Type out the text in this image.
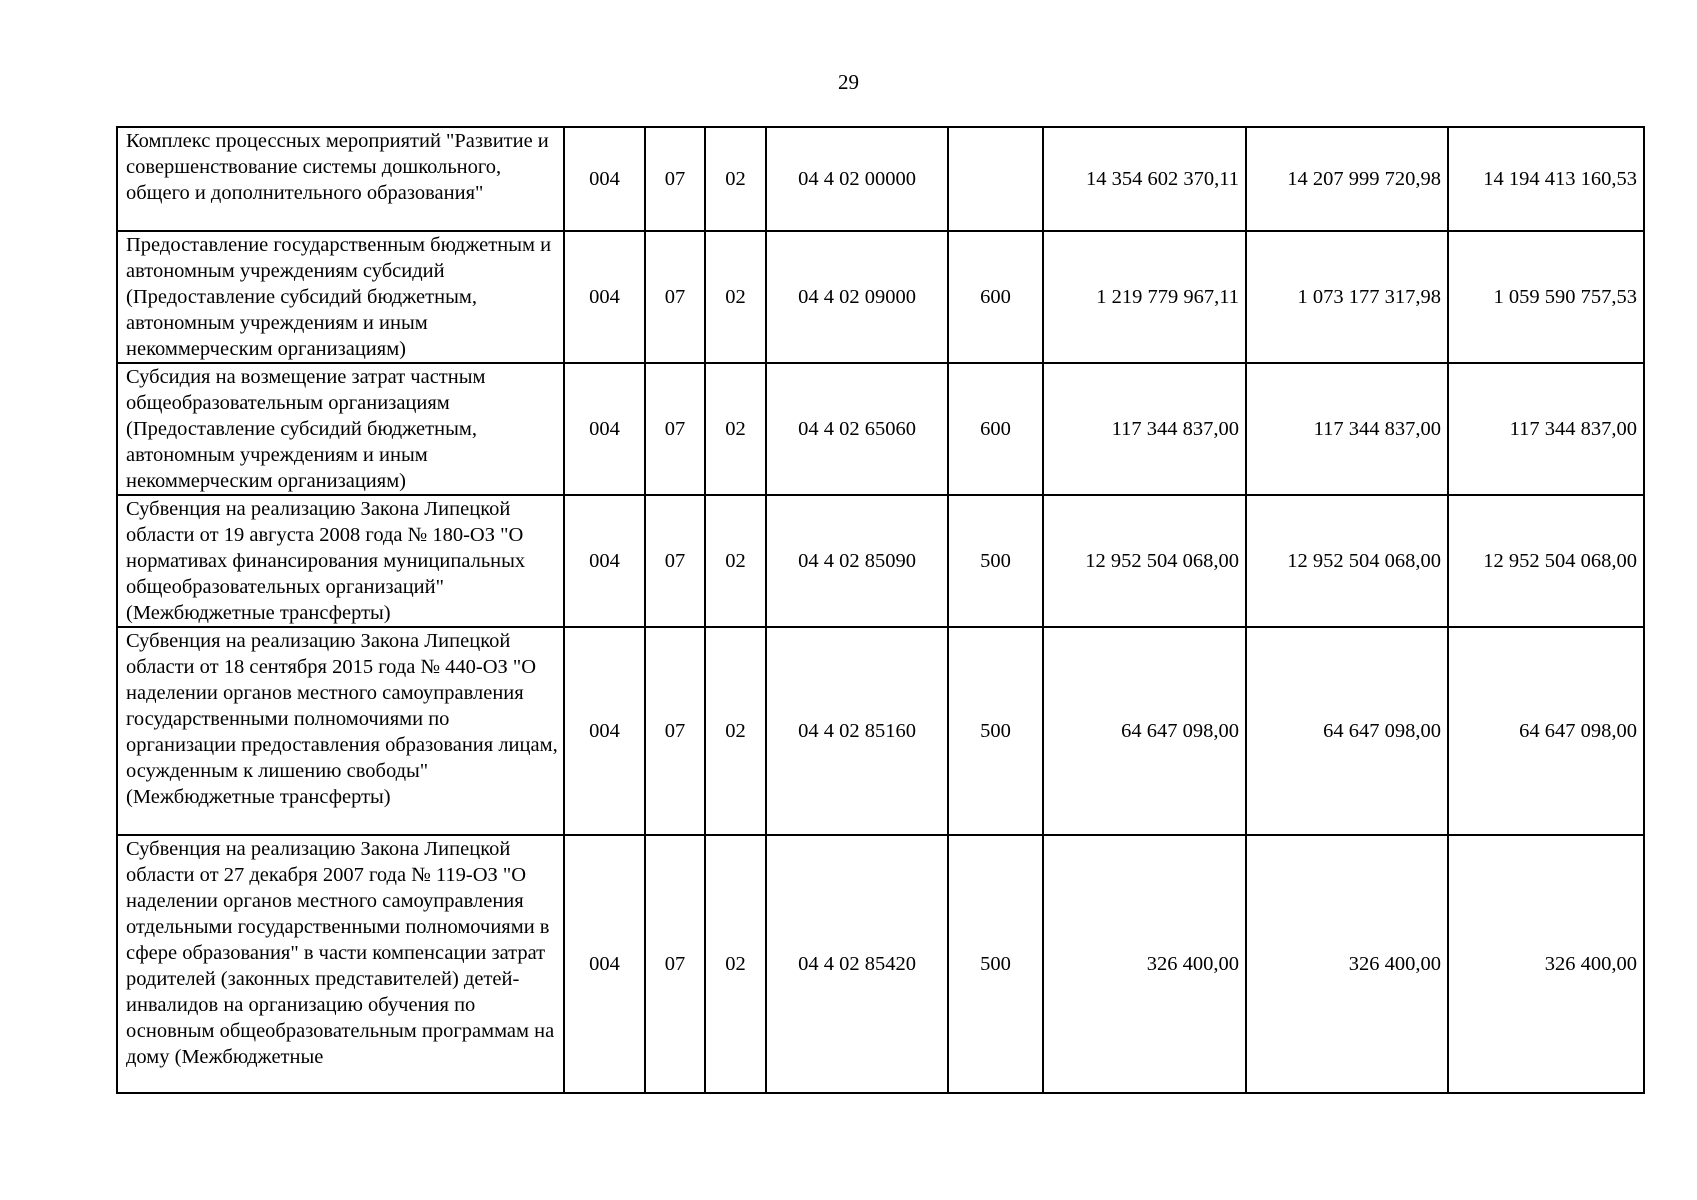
29
Комплекс процессных мероприятий "Развитие и совершенствование системы дошкольного, общего и дополнительного образования"	004	07	02	04 4 02 00000		14 354 602 370,11	14 207 999 720,98	14 194 413 160,53
Предоставление государственным бюджетным и автономным учреждениям субсидий (Предоставление субсидий бюджетным, автономным учреждениям и иным некоммерческим организациям)	004	07	02	04 4 02 09000	600	1 219 779 967,11	1 073 177 317,98	1 059 590 757,53
Субсидия на возмещение затрат частным общеобразовательным организациям (Предоставление субсидий бюджетным, автономным учреждениям и иным некоммерческим организациям)	004	07	02	04 4 02 65060	600	117 344 837,00	117 344 837,00	117 344 837,00
Субвенция на реализацию Закона Липецкой области от 19 августа 2008 года № 180-ОЗ "О нормативах финансирования муниципальных общеобразовательных организаций" (Межбюджетные трансферты)	004	07	02	04 4 02 85090	500	12 952 504 068,00	12 952 504 068,00	12 952 504 068,00
Субвенция на реализацию Закона Липецкой области от 18 сентября 2015 года № 440-ОЗ "О наделении органов местного самоуправления государственными полномочиями по организации предоставления образования лицам, осужденным к лишению свободы" (Межбюджетные трансферты)	004	07	02	04 4 02 85160	500	64 647 098,00	64 647 098,00	64 647 098,00
Субвенция на реализацию Закона Липецкой области от 27 декабря 2007 года № 119-ОЗ "О наделении органов местного самоуправления отдельными государственными полномочиями в сфере образования" в части компенсации затрат родителей (законных представителей) детей-инвалидов на организацию обучения по основным общеобразовательным программам на дому (Межбюджетные	004	07	02	04 4 02 85420	500	326 400,00	326 400,00	326 400,00
